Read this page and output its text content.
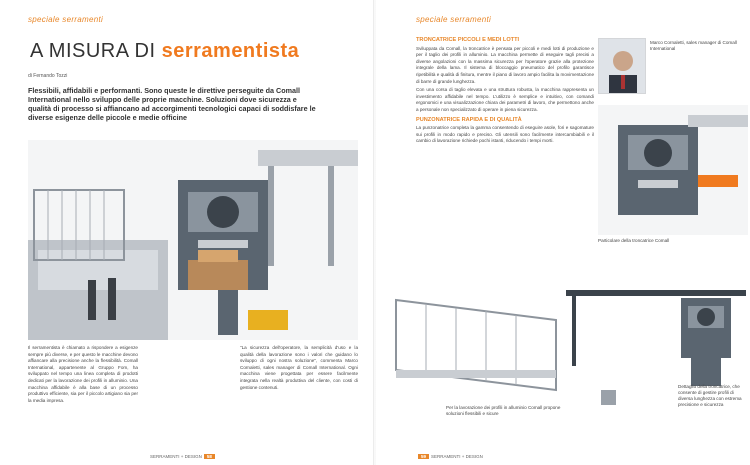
speciale serramenti
A MISURA DI serramentista
di Fernando Tozzi
Flessibili, affidabili e performanti. Sono queste le direttive perseguite da Comall International nello sviluppo delle proprie macchine. Soluzioni dove sicurezza e qualità di processo si affiancano ad accorgimenti tecnologici capaci di soddisfare le diverse esigenze delle piccole e medie officine

Il serramentista è chiamato a rispondere a esigenze sempre più diverse, e per questo le macchine devono affiancare alla precisione anche la flessibilità. Comall International, appartenente al Gruppo Fom, ha sviluppato nel tempo una linea completa di prodotti dedicati per la lavorazione dei profili in alluminio. Una macchina affidabile è alla base di un processo produttivo efficiente, sia per il piccolo artigiano sia per la media impresa.

"La sicurezza dell'operatore, la semplicità d'uso e la qualità della lavorazione sono i valori che guidano lo sviluppo di ogni nostra soluzione", commenta Marco Cornaletti, sales manager di Comall International. Ogni macchina viene progettata per essere facilmente integrata nella realtà produttiva del cliente, con costi di gestione contenuti.

SERRAMENTI + DESIGN 58
speciale serramenti
TRONCATRICE PICCOLI E MEDI LOTTI

Sviluppata da Comall, la troncatrice è pensata per piccoli e medi lotti di produzione e per il taglio dei profili in alluminio. La macchina permette di eseguire tagli precisi a diverse angolazioni con la massima sicurezza per l'operatore grazie alla protezione integrale della lama. Il sistema di bloccaggio pneumatico del profilo garantisce ripetibilità e qualità di finitura, mentre il piano di lavoro ampio facilita la movimentazione di barre di grande lunghezza.

Con una corsa di taglio elevata e una struttura robusta, la macchina rappresenta un investimento affidabile nel tempo. L'utilizzo è semplice e intuitivo, con comandi ergonomici e una visualizzazione chiara dei parametri di lavoro, che permettono anche a personale non specializzato di operare in piena sicurezza.

PUNZONATRICE RAPIDA E DI QUALITÀ

La punzonatrice completa la gamma consentendo di eseguire asole, fori e sagomature sui profili in modo rapido e preciso. Gli utensili sono facilmente intercambiabili e il cambio di lavorazione richiede pochi istanti, riducendo i tempi morti.

Marco Cornaletti, sales manager di Comall International
Particolare della troncatrice Comall
Per la lavorazione dei profili in alluminio Comall propone soluzioni flessibili e sicure
Dettaglio della troncatrice, che consente di gestire profili di diversa lunghezza con estrema precisione e sicurezza
59 SERRAMENTI + DESIGN
